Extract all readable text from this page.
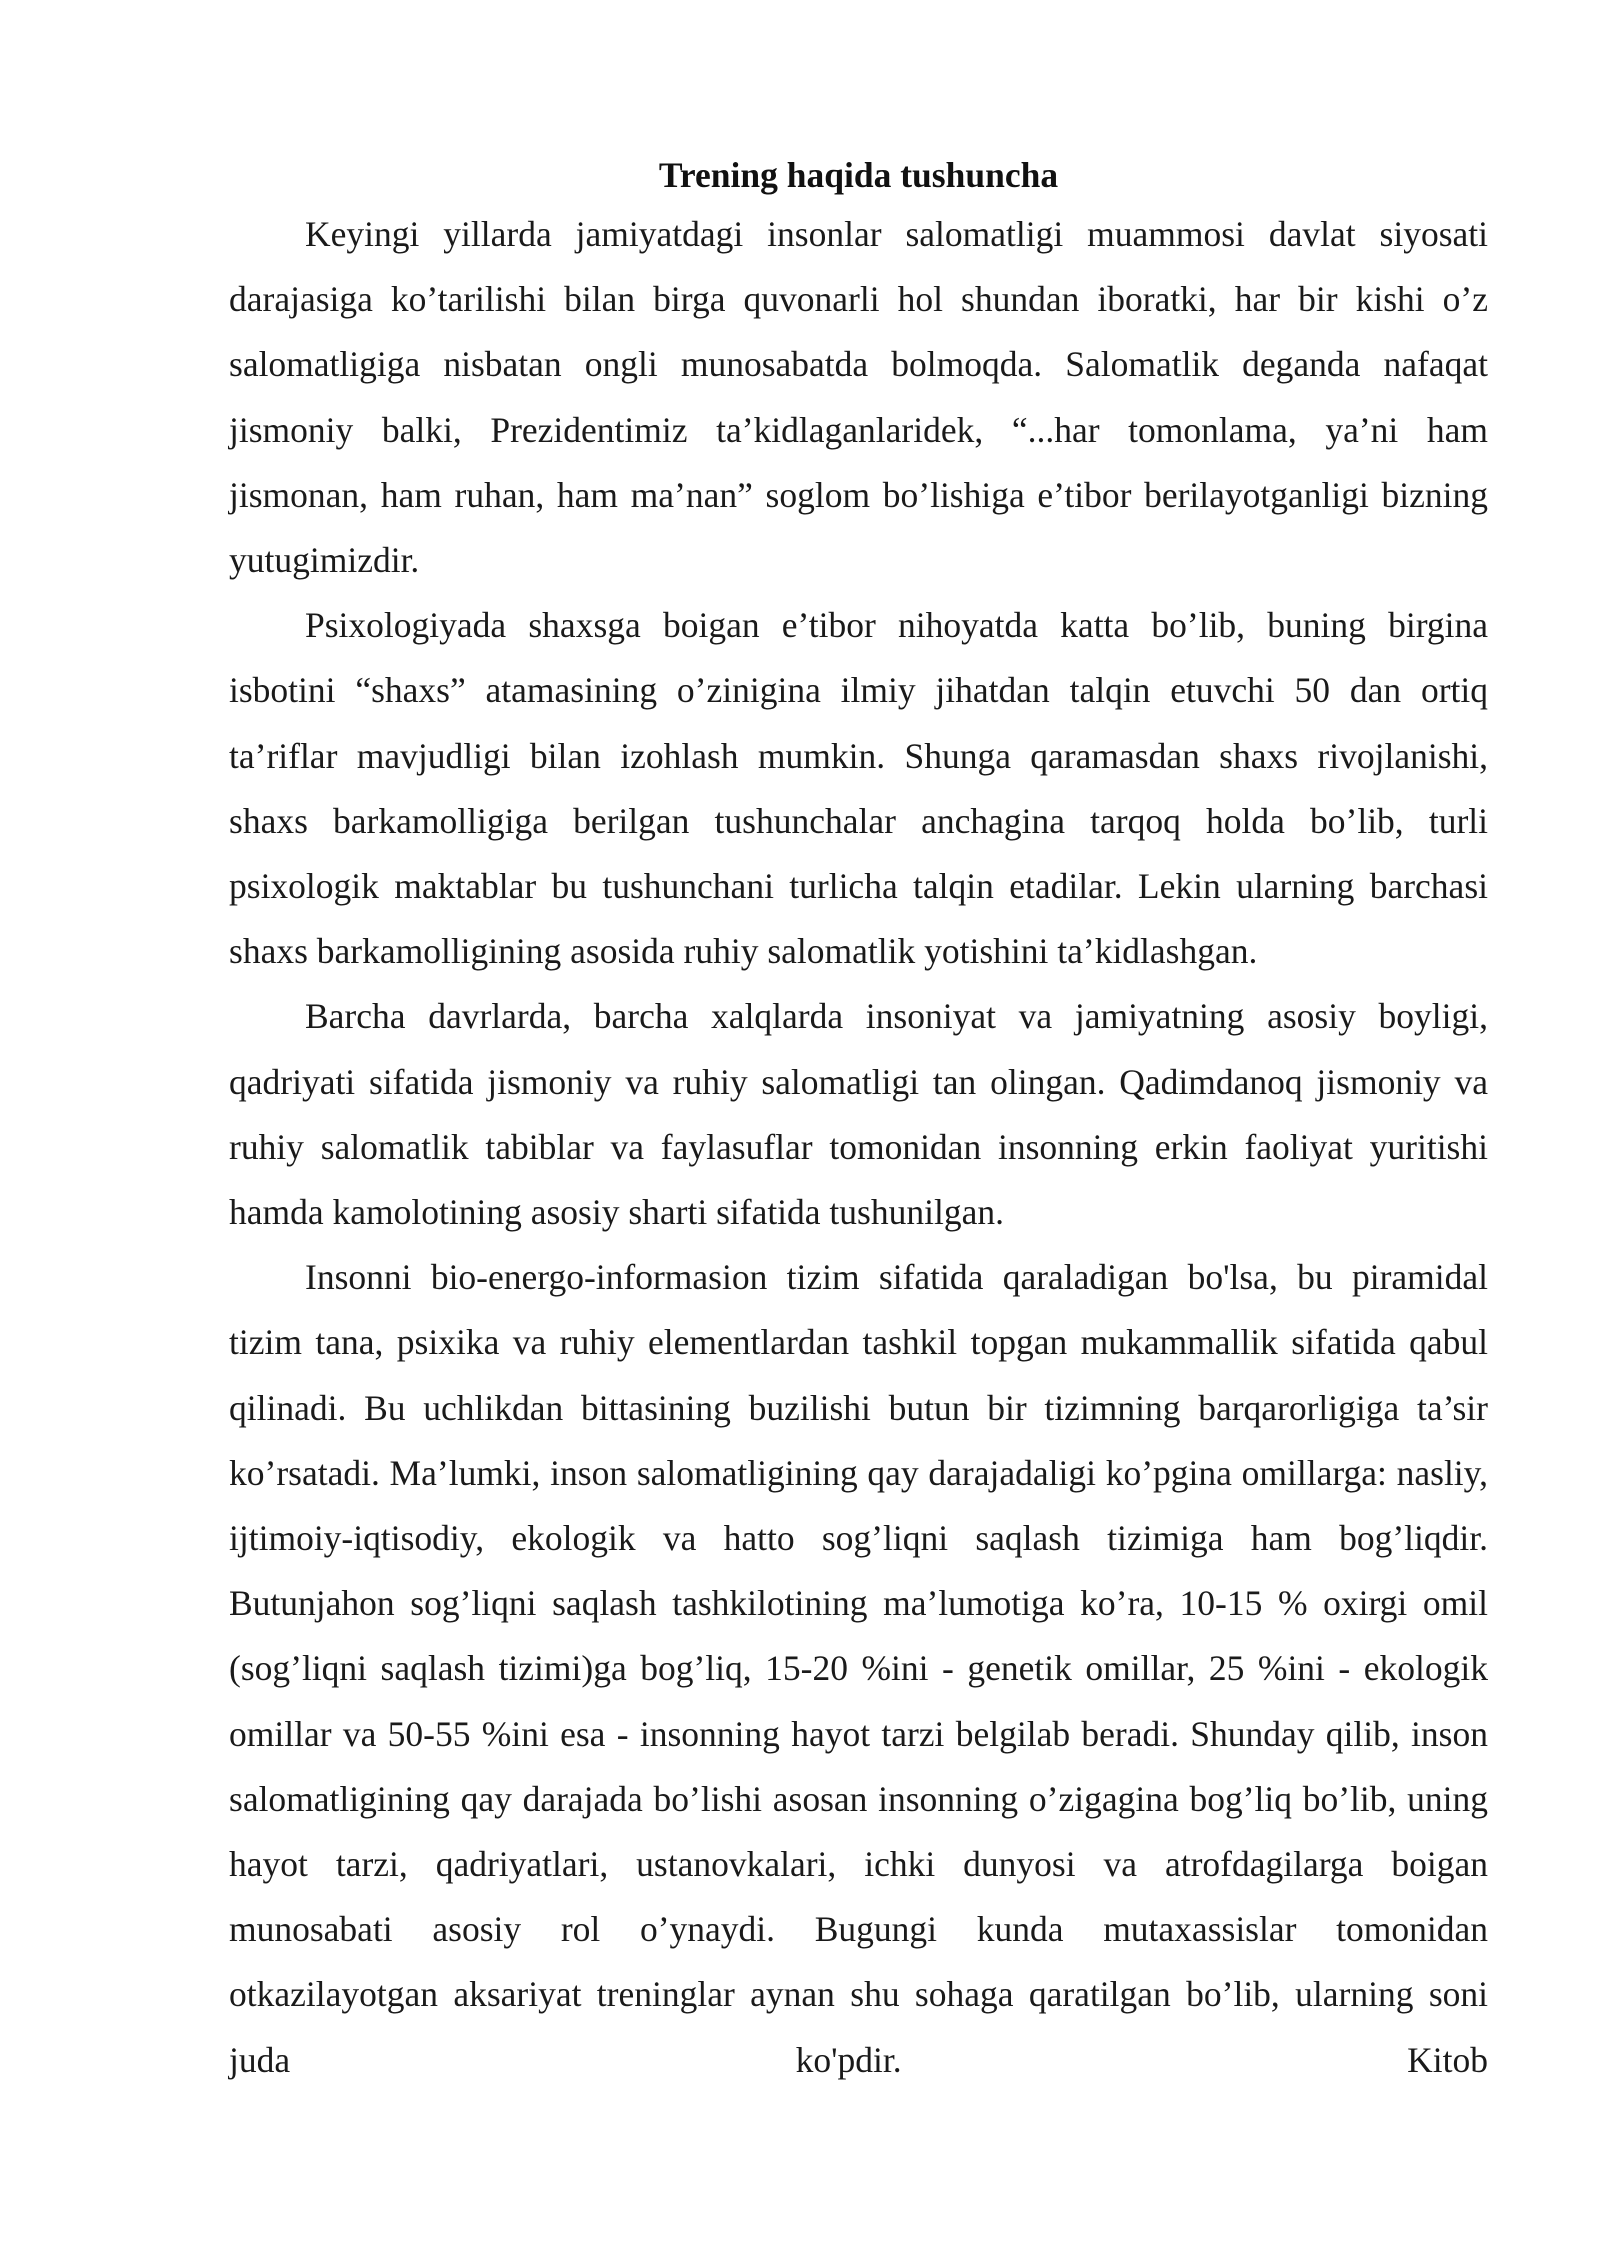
Trening haqida tushuncha

Keyingi yillarda jamiyatdagi insonlar salomatligi muammosi davlat siyosati darajasiga ko’tarilishi bilan birga quvonarli hol shundan iboratki, har bir kishi o’z salomatligiga nisbatan ongli munosabatda bolmoqda. Salomatlik deganda nafaqat jismoniy balki, Prezidentimiz ta’kidlaganlaridek, “...har tomonlama, ya’ni ham jismonan, ham ruhan, ham ma’nan” soglom bo’lishiga e’tibor berilayotganligi bizning yutugimizdir.

Psixologiyada shaxsga boigan e’tibor nihoyatda katta bo’lib, buning birgina isbotini “shaxs” atamasining o’zinigina ilmiy jihatdan talqin etuvchi 50 dan ortiq ta’riflar mavjudligi bilan izohlash mumkin. Shunga qaramasdan shaxs rivojlanishi, shaxs barkamolligiga berilgan tushunchalar anchagina tarqoq holda bo’lib, turli psixologik maktablar bu tushunchani turlicha talqin etadilar. Lekin ularning barchasi shaxs barkamolligining asosida ruhiy salomatlik yotishini ta’kidlashgan.

Barcha davrlarda, barcha xalqlarda insoniyat va jamiyatning asosiy boyligi, qadriyati sifatida jismoniy va ruhiy salomatligi tan olingan. Qadimdanoq jismoniy va ruhiy salomatlik tabiblar va faylasuflar tomonidan insonning erkin faoliyat yuritishi hamda kamolotining asosiy sharti sifatida tushunilgan.

Insonni bio-energo-informasion tizim sifatida qaraladigan bo'lsa, bu piramidal tizim tana, psixika va ruhiy elementlardan tashkil topgan mukammallik sifatida qabul qilinadi. Bu uchlikdan bittasining buzilishi butun bir tizimning barqarorligiga ta’sir ko’rsatadi. Ma’lumki, inson salomatligining qay darajadaligi ko’pgina omillarga: nasliy, ijtimoiy-iqtisodiy, ekologik va hatto sog’liqni saqlash tizimiga ham bog’liqdir. Butunjahon sog’liqni saqlash tashkilotining ma’lumotiga ko’ra, 10-15 % oxirgi omil (sog’liqni saqlash tizimi)ga bog’liq, 15-20 %ini - genetik omillar, 25 %ini - ekologik omillar va 50-55 %ini esa - insonning hayot tarzi belgilab beradi. Shunday qilib, inson salomatligining qay darajada bo’lishi asosan insonning o’zigagina bog’liq bo’lib, uning hayot tarzi, qadriyatlari, ustanovkalari, ichki dunyosi va atrofdagilarga boigan munosabati asosiy rol o’ynaydi. Bugungi kunda mutaxassislar tomonidan otkazilayotgan aksariyat treninglar aynan shu sohaga qaratilgan bo’lib, ularning soni juda ko'pdir. Kitob
